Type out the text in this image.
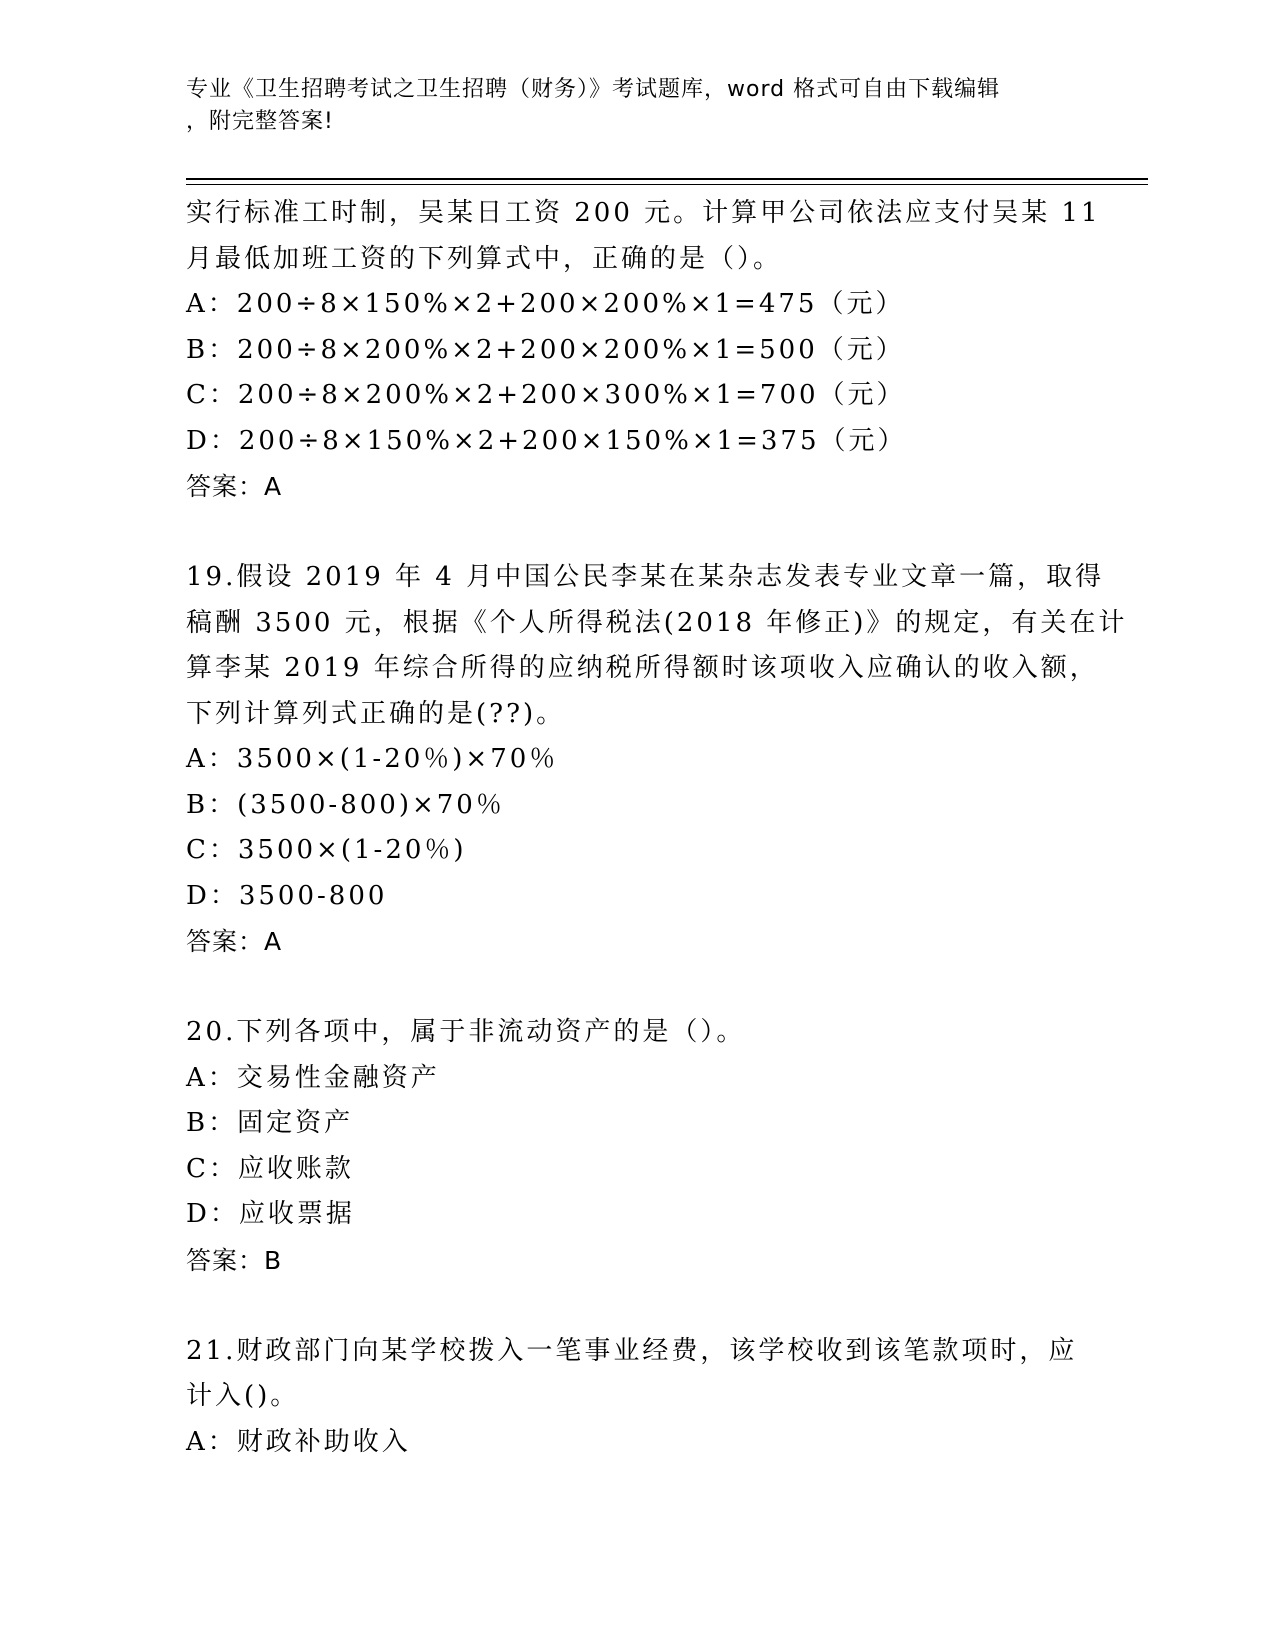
专业《卫生招聘考试之卫生招聘（财务）》考试题库，word 格式可自由下载编辑
，附完整答案!
实行标准工时制，吴某日工资 200 元。计算甲公司依法应支付吴某 11
月最低加班工资的下列算式中，正确的是（）。
A：200÷8×150%×2+200×200%×1=475（元）
B：200÷8×200%×2+200×200%×1=500（元）
C：200÷8×200%×2+200×300%×1=700（元）
D：200÷8×150%×2+200×150%×1=375（元）
答案：A
19.假设 2019 年 4 月中国公民李某在某杂志发表专业文章一篇，取得
稿酬 3500 元，根据《个人所得税法(2018 年修正)》的规定，有关在计
算李某 2019 年综合所得的应纳税所得额时该项收入应确认的收入额，
下列计算列式正确的是(??)。
A：3500×(1-20％)×70％
B：(3500-800)×70％
C：3500×(1-20％)
D：3500-800
答案：A
20.下列各项中，属于非流动资产的是（）。
A：交易性金融资产
B：固定资产
C：应收账款
D：应收票据
答案：B
21.财政部门向某学校拨入一笔事业经费，该学校收到该笔款项时，应
计入()。
A：财政补助收入
